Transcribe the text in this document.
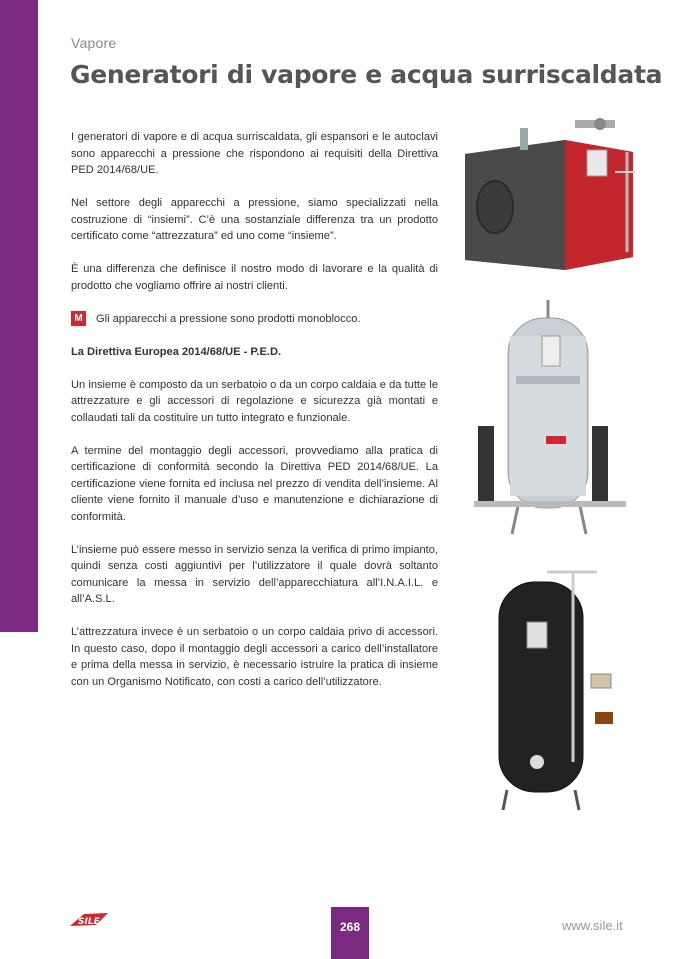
Vapore
Generatori di vapore e acqua surriscaldata

I generatori di vapore e di acqua surriscaldata, gli espansori e le autoclavi sono apparecchi a pressione che rispondono ai requisiti della Direttiva PED 2014/68/UE.

Nel settore degli apparecchi a pressione, siamo specializzati nella costruzione di “insiemi”. C’è una sostanziale differenza tra un prodotto certificato come “attrezzatura” ed uno come “insieme”.

È una differenza che definisce il nostro modo di lavorare e la qualità di prodotto che vogliamo offrire ai nostri clienti.

M Gli apparecchi a pressione sono prodotti monoblocco.
La Direttiva Europea 2014/68/UE - P.E.D.

Un insieme è composto da un serbatoio o da un corpo caldaia e da tutte le attrezzature e gli accessori di regolazione e sicurezza già montati e collaudati tali da costituire un tutto integrato e funzionale.

A termine del montaggio degli accessori, provvediamo alla pratica di certificazione di conformità secondo la Direttiva PED 2014/68/UE. La certificazione viene fornita ed inclusa nel prezzo di vendita dell’insieme. Al cliente viene fornito il manuale d’uso e manutenzione e dichiarazione di conformità.

L’insieme può essere messo in servizio senza la verifica di primo impianto, quindi senza costi aggiuntivi per l’utilizzatore il quale dovrà soltanto comunicare la messa in servizio dell’apparecchiatura all’I.N.A.I.L. e all’A.S.L.

L’attrezzatura invece è un serbatoio o un corpo caldaia privo di accessori. In questo caso, dopo il montaggio degli accessori a carico dell’installatore e prima della messa in servizio, è necessario istruire la pratica di insieme con un Organismo Notificato, con costi a carico dell’utilizzatore.

SILE	268	www.sile.it
